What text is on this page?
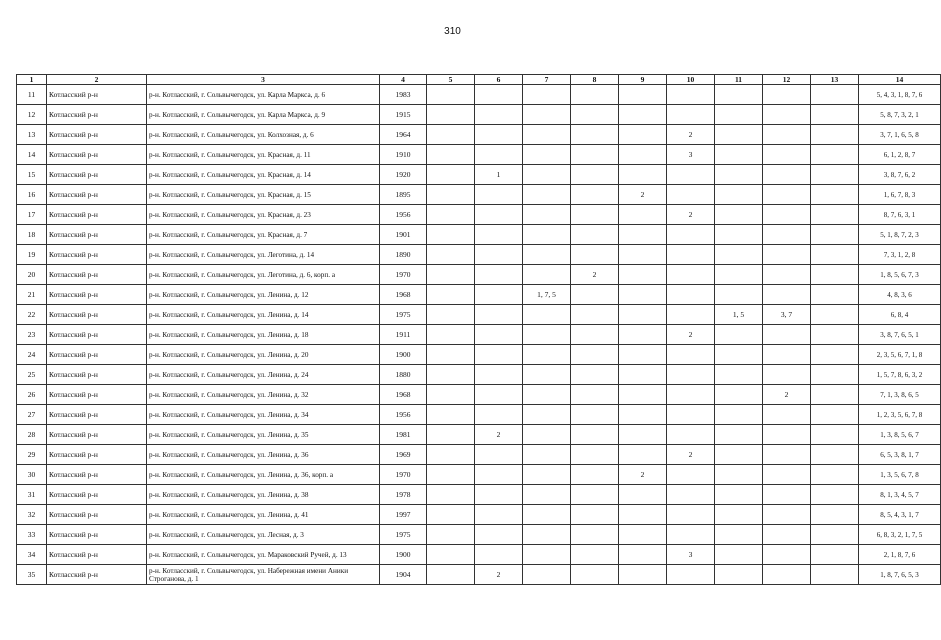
310
1	2	3	4	5	6	7	8	9	10	11	12	13	14
11	Котласский р-н	р-н. Котласский, г. Сольвычегодск, ул. Карла Маркса, д. 6	1983										5, 4, 3, 1, 8, 7, 6
12	Котласский р-н	р-н. Котласский, г. Сольвычегодск, ул. Карла Маркса, д. 9	1915										5, 8, 7, 3, 2, 1
13	Котласский р-н	р-н. Котласский, г. Сольвычегодск, ул. Колхозная, д. 6	1964						2				3, 7, 1, 6, 5, 8
14	Котласский р-н	р-н. Котласский, г. Сольвычегодск, ул. Красная, д. 11	1910						3				6, 1, 2, 8, 7
15	Котласский р-н	р-н. Котласский, г. Сольвычегодск, ул. Красная, д. 14	1920		1								3, 8, 7, 6, 2
16	Котласский р-н	р-н. Котласский, г. Сольвычегодск, ул. Красная, д. 15	1895					2					1, 6, 7, 8, 3
17	Котласский р-н	р-н. Котласский, г. Сольвычегодск, ул. Красная, д. 23	1956						2				8, 7, 6, 3, 1
18	Котласский р-н	р-н. Котласский, г. Сольвычегодск, ул. Красная, д. 7	1901										5, 1, 8, 7, 2, 3
19	Котласский р-н	р-н. Котласский, г. Сольвычегодск, ул. Леготина, д. 14	1890										7, 3, 1, 2, 8
20	Котласский р-н	р-н. Котласский, г. Сольвычегодск, ул. Леготина, д. 6, корп. а	1970				2						1, 8, 5, 6, 7, 3
21	Котласский р-н	р-н. Котласский, г. Сольвычегодск, ул. Ленина, д. 12	1968			1, 7, 5							4, 8, 3, 6
22	Котласский р-н	р-н. Котласский, г. Сольвычегодск, ул. Ленина, д. 14	1975							1, 5	3, 7		6, 8, 4
23	Котласский р-н	р-н. Котласский, г. Сольвычегодск, ул. Ленина, д. 18	1911						2				3, 8, 7, 6, 5, 1
24	Котласский р-н	р-н. Котласский, г. Сольвычегодск, ул. Ленина, д. 20	1900										2, 3, 5, 6, 7, 1, 8
25	Котласский р-н	р-н. Котласский, г. Сольвычегодск, ул. Ленина, д. 24	1880										1, 5, 7, 8, 6, 3, 2
26	Котласский р-н	р-н. Котласский, г. Сольвычегодск, ул. Ленина, д. 32	1968								2		7, 1, 3, 8, 6, 5
27	Котласский р-н	р-н. Котласский, г. Сольвычегодск, ул. Ленина, д. 34	1956										1, 2, 3, 5, 6, 7, 8
28	Котласский р-н	р-н. Котласский, г. Сольвычегодск, ул. Ленина, д. 35	1981		2								1, 3, 8, 5, 6, 7
29	Котласский р-н	р-н. Котласский, г. Сольвычегодск, ул. Ленина, д. 36	1969						2				6, 5, 3, 8, 1, 7
30	Котласский р-н	р-н. Котласский, г. Сольвычегодск, ул. Ленина, д. 36, корп. а	1970					2					1, 3, 5, 6, 7, 8
31	Котласский р-н	р-н. Котласский, г. Сольвычегодск, ул. Ленина, д. 38	1978										8, 1, 3, 4, 5, 7
32	Котласский р-н	р-н. Котласский, г. Сольвычегодск, ул. Ленина, д. 41	1997										8, 5, 4, 3, 1, 7
33	Котласский р-н	р-н. Котласский, г. Сольвычегодск, ул. Лесная, д. 3	1975										6, 8, 3, 2, 1, 7, 5
34	Котласский р-н	р-н. Котласский, г. Сольвычегодск, ул. Мараковский Ручей, д. 13	1900						3				2, 1, 8, 7, 6
35	Котласский р-н	р-н. Котласский, г. Сольвычегодск, ул. Набережная имени Аники Строганова, д. 1	1904		2								1, 8, 7, 6, 5, 3
